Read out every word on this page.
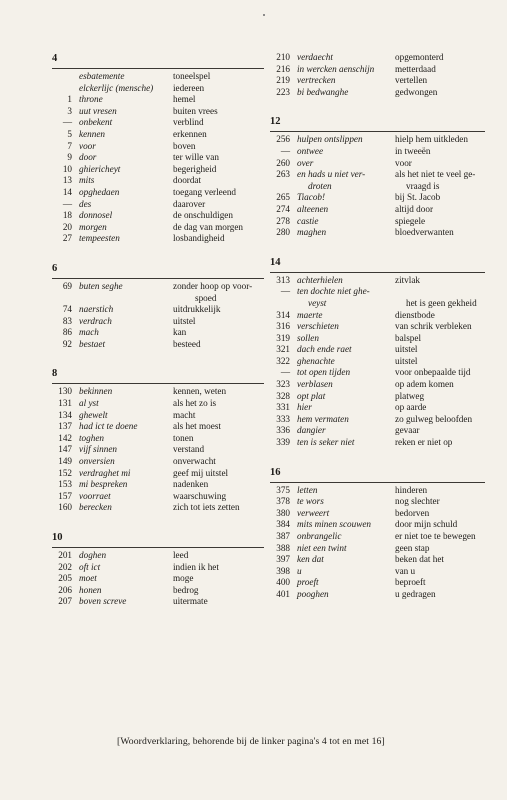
4
esbatemente	toneelspel
elckerlijc (mensche)	iedereen
1 throne	hemel
3 uut vresen	buiten vrees
— onbekent	verblind
5 kennen	erkennen
7 voor	boven
9 door	ter wille van
10 ghiericheyt	begerigheid
13 mits	doordat
14 opghedaen	toegang verleend
— des	daarover
18 donnosel	de onschuldigen
20 morgen	de dag van morgen
27 tempeesten	losbandigheid
6
69 buten seghe	zonder hoop op voor-
spoed
74 naerstich	uitdrukkelijk
83 verdrach	uitstel
86 mach	kan
92 bestaet	besteed
8
130 bekinnen	kennen, weten
131 al yst	als het zo is
134 ghewelt	macht
137 had ict te doene	als het moest
142 toghen	tonen
147 vijf sinnen	verstand
149 onversien	onverwacht
152 verdraghet mi	geef mij uitstel
153 mi bespreken	nadenken
157 voorraet	waarschuwing
160 berecken	zich tot iets zetten
10
201 doghen	leed
202 oft ict	indien ik het
205 moet	moge
206 honen	bedrog
207 boven screve	uitermate
210 verdaecht	opgemonterd
216 in wercken aenschijn	metterdaad
219 vertrecken	vertellen
223 bi bedwanghe	gedwongen
12
256 hulpen ontslippen	hielp hem uitkleden
— ontwee	in tweeën
260 over	voor
263 en hads u niet ver-	als het niet te veel ge-
droten	vraagd is
265 Tiacob!	bij St. Jacob
274 alteenen	altijd door
278 castie	spiegele
280 maghen	bloedverwanten
14
313 achterhielen	zitvlak
— ten dochte niet ghe-
veyst	het is geen gekheid
314 maerte	dienstbode
316 verschieten	van schrik verbleken
319 sollen	balspel
321 dach ende raet	uitstel
322 ghenachte	uitstel
— tot open tijden	voor onbepaalde tijd
323 verblasen	op adem komen
328 opt plat	platweg
331 hier	op aarde
333 hem vermaten	zo gulweg beloofden
336 dangier	gevaar
339 ten is seker niet	reken er niet op
16
375 letten	hinderen
378 te wors	nog slechter
380 verweert	bedorven
384 mits minen scouwen	door mijn schuld
387 onbrangelic	er niet toe te bewegen
388 niet een twint	geen stap
397 ken dat	beken dat het
398 u	van u
400 proeft	beproeft
401 pooghen	u gedragen
[Woordverklaring, behorende bij de linker pagina's 4 tot en met 16]
